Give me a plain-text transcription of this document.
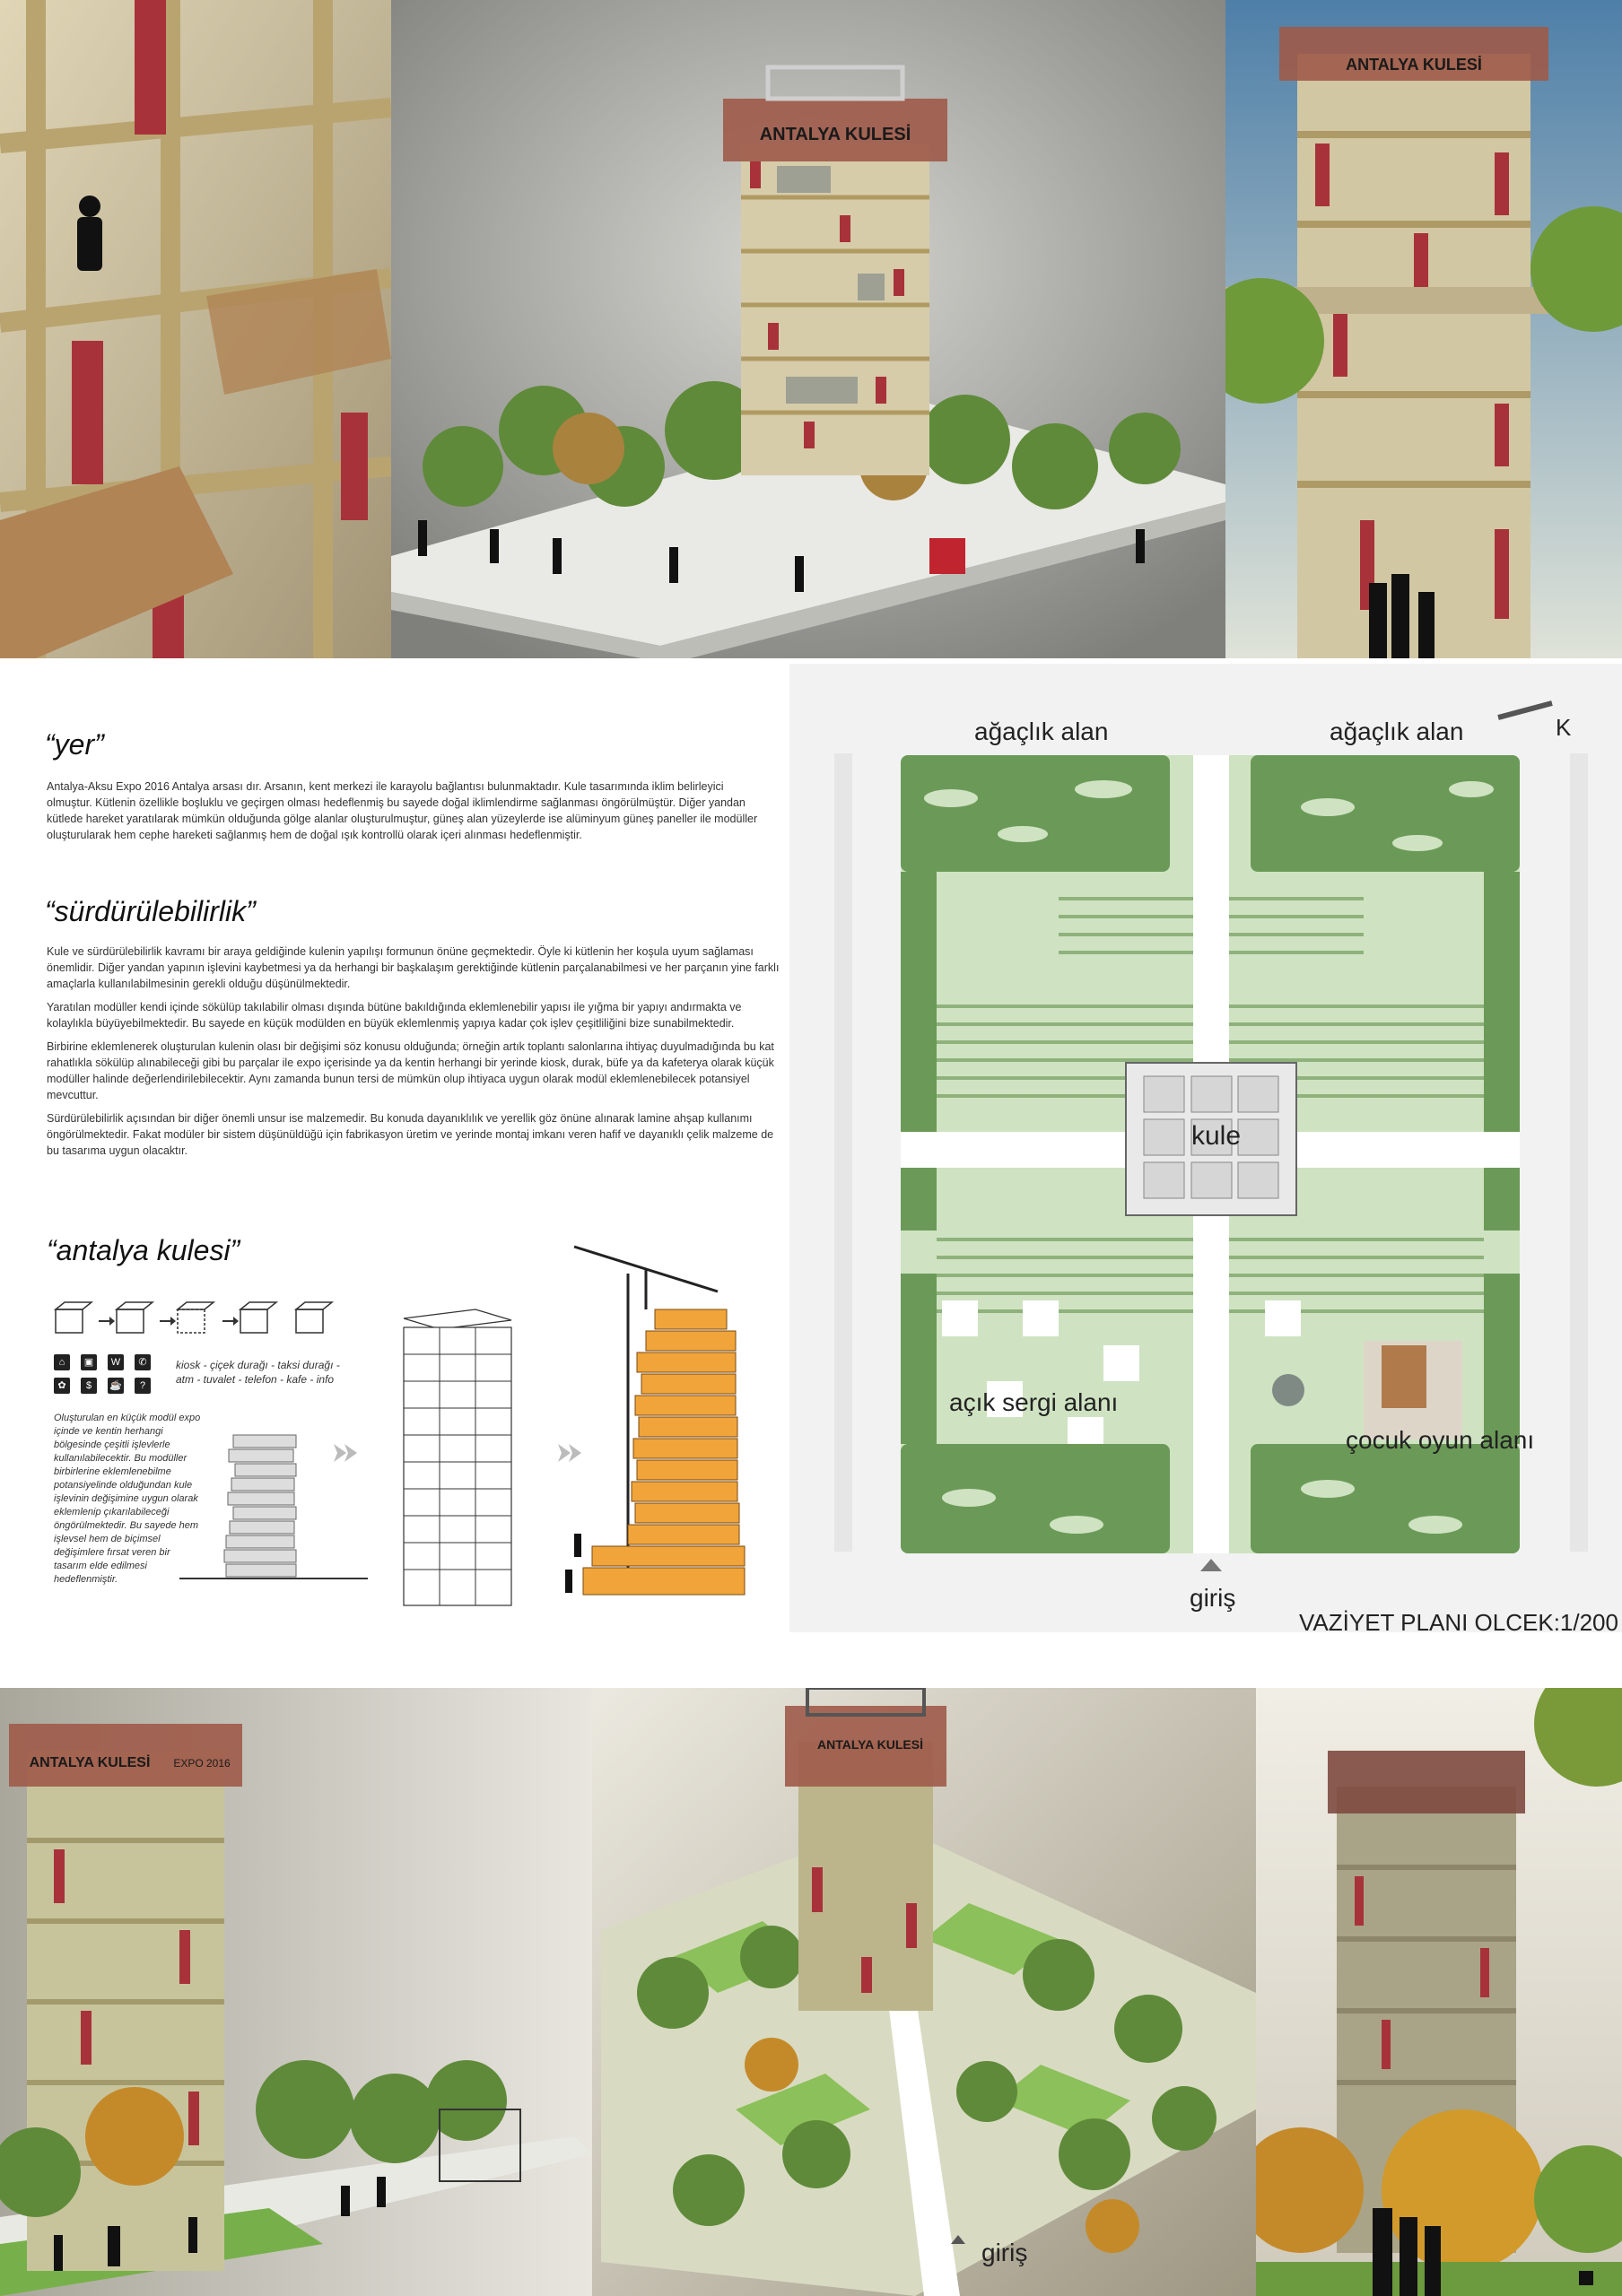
ANTALYA KULESİ
ANTALYA KULESİ
“yer”

Antalya-Aksu Expo 2016 Antalya arsası dır. Arsanın, kent merkezi ile karayolu bağlantısı bulunmaktadır. Kule tasarımında iklim belirleyici olmuştur. Kütlenin özellikle boşluklu ve geçirgen olması hedeflenmiş bu sayede doğal iklimlendirme sağlanması öngörülmüştür. Diğer yandan kütlede hareket yaratılarak mümkün olduğunda gölge alanlar oluşturulmuştur, güneş alan yüzeylerde ise alüminyum güneş paneller ile modüller oluşturularak hem cephe hareketi sağlanmış hem de doğal ışık kontrollü olarak içeri alınması hedeflenmiştir.

“sürdürülebilirlik”

Kule ve sürdürülebilirlik kavramı bir araya geldiğinde kulenin yapılışı formunun önüne geçmektedir. Öyle ki kütlenin her koşula uyum sağlaması önemlidir. Diğer yandan yapının işlevini kaybetmesi ya da herhangi bir başkalaşım gerektiğinde kütlenin parçalanabilmesi ve her parçanın yine farklı amaçlarla kullanılabilmesinin gerekli olduğu düşünülmektedir.

Yaratılan modüller kendi içinde sökülüp takılabilir olması dışında bütüne bakıldığında eklemlenebilir yapısı ile yığma bir yapıyı andırmakta ve kolaylıkla büyüyebilmektedir. Bu sayede en küçük modülden en büyük eklemlenmiş yapıya kadar çok işlev çeşitliliğini bize sunabilmektedir.

Birbirine eklemlenerek oluşturulan kulenin olası bir değişimi söz konusu olduğunda; örneğin artık toplantı salonlarına ihtiyaç duyulmadığında bu kat rahatlıkla sökülüp alınabileceği gibi bu parçalar ile expo içerisinde ya da kentin herhangi bir yerinde kiosk, durak, büfe ya da kafeterya olarak küçük modüller halinde değerlendirilebilecektir. Aynı zamanda bunun tersi de mümkün olup ihtiyaca uygun olarak modül eklemlenebilecek potansiyel mevcuttur.

Sürdürülebilirlik açısından bir diğer önemli unsur ise malzemedir. Bu konuda dayanıklılık ve yerellik göz önüne alınarak lamine ahşap kullanımı öngörülmektedir. Fakat modüler bir sistem düşünüldüğü için fabrikasyon üretim ve yerinde montaj imkanı veren hafif ve dayanıklı çelik malzeme de bu tasarıma uygun olacaktır.

“antalya kulesi”
⌂	▣	W	✆
✿	$	☕	?
kiosk - çiçek durağı - taksi durağı - atm - tuvalet - telefon - kafe - info
Oluşturulan en küçük modül expo içinde ve kentin herhangi bölgesinde çeşitli işlevlerle kullanılabilecektir. Bu modüller birbirlerine eklemlenebilme potansiyelinde olduğundan kule işlevinin değişimine uygun olarak eklemlenip çıkarılabileceği öngörülmektedir. Bu sayede hem işlevsel hem de biçimsel değişimlere fırsat veren bir tasarım elde edilmesi hedeflenmiştir.
ağaçlık alan	ağaçlık alan	K
kule
açık sergi alanı
çocuk oyun alanı
giriş
VAZİYET PLANI OLCEK:1/200
ANTALYA KULESİ EXPO 2016
ANTALYA KULESİ
giriş
